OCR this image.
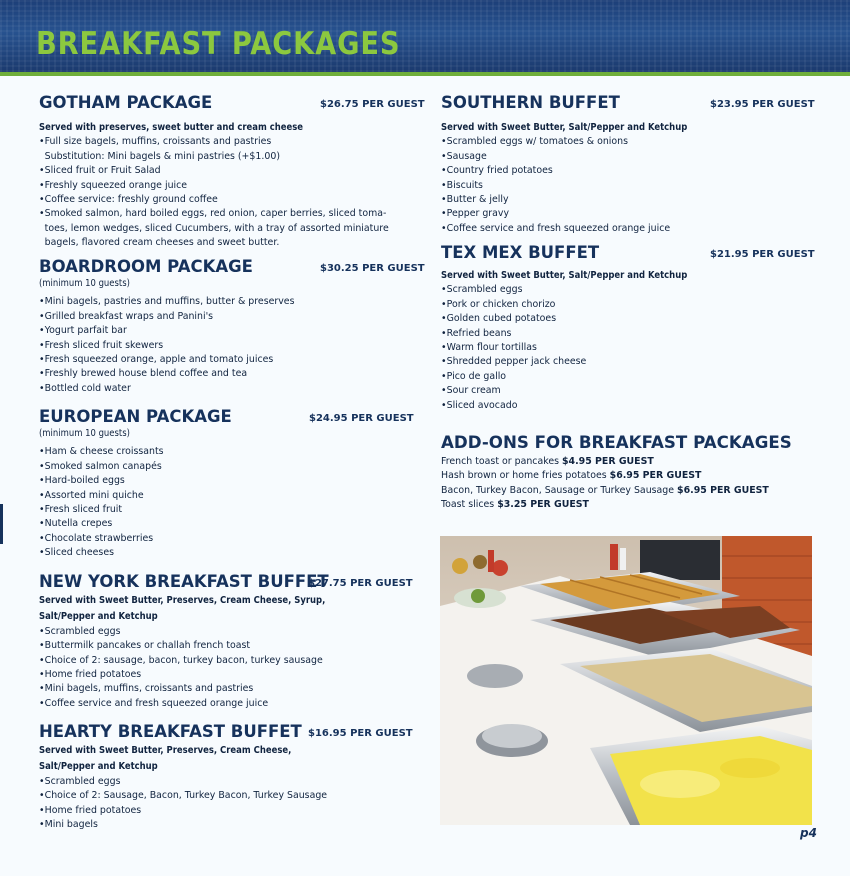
BREAKFAST PACKAGES
GOTHAM PACKAGE	$26.75 PER GUEST
Served with preserves, sweet butter and cream cheese
•Full size bagels, muffins, croissants and pastries
Substitution: Mini bagels & mini pastries (+$1.00)
•Sliced fruit or Fruit Salad
•Freshly squeezed orange juice
•Coffee service: freshly ground coffee
•Smoked salmon, hard boiled eggs, red onion, caper berries, sliced toma-
toes, lemon wedges, sliced Cucumbers, with a tray of assorted miniature
bagels, flavored cream cheeses and sweet butter.
BOARDROOM PACKAGE	$30.25 PER GUEST
(minimum 10 guests)
•Mini bagels, pastries and muffins, butter & preserves
•Grilled breakfast wraps and Panini's
•Yogurt parfait bar
•Fresh sliced fruit skewers
•Fresh squeezed orange, apple and tomato juices
•Freshly brewed house blend coffee and tea
•Bottled cold water
EUROPEAN PACKAGE	$24.95 PER GUEST
(minimum 10 guests)
•Ham & cheese croissants
•Smoked salmon canapés
•Hard-boiled eggs
•Assorted mini quiche
•Fresh sliced fruit
•Nutella crepes
•Chocolate strawberries
•Sliced cheeses
NEW YORK BREAKFAST BUFFET
$27.75 PER GUEST
Served with Sweet Butter, Preserves, Cream Cheese, Syrup,
Salt/Pepper and Ketchup
•Scrambled eggs
•Buttermilk pancakes or challah french toast
•Choice of 2: sausage, bacon, turkey bacon, turkey sausage
•Home fried potatoes
•Mini bagels, muffins, croissants and pastries
•Coffee service and fresh squeezed orange juice
HEARTY BREAKFAST BUFFET $16.95 PER GUEST
Served with Sweet Butter, Preserves, Cream Cheese,
Salt/Pepper and Ketchup
•Scrambled eggs
•Choice of 2: Sausage, Bacon, Turkey Bacon, Turkey Sausage
•Home fried potatoes
•Mini bagels
SOUTHERN BUFFET	$23.95 PER GUEST
Served with Sweet Butter, Salt/Pepper and Ketchup
•Scrambled eggs w/ tomatoes & onions
•Sausage
•Country fried potatoes
•Biscuits
•Butter & jelly
•Pepper gravy
•Coffee service and fresh squeezed orange juice
TEX MEX BUFFET	$21.95 PER GUEST
Served with Sweet Butter, Salt/Pepper and Ketchup
•Scrambled eggs
•Pork or chicken chorizo
•Golden cubed potatoes
•Refried beans
•Warm flour tortillas
•Shredded pepper jack cheese
•Pico de gallo
•Sour cream
•Sliced avocado
ADD-ONS FOR BREAKFAST PACKAGES
French toast or pancakes $4.95 PER GUEST
Hash brown or home fries potatoes $6.95 PER GUEST
Bacon, Turkey Bacon, Sausage or Turkey Sausage $6.95 PER GUEST
Toast slices $3.25 PER GUEST
p4
